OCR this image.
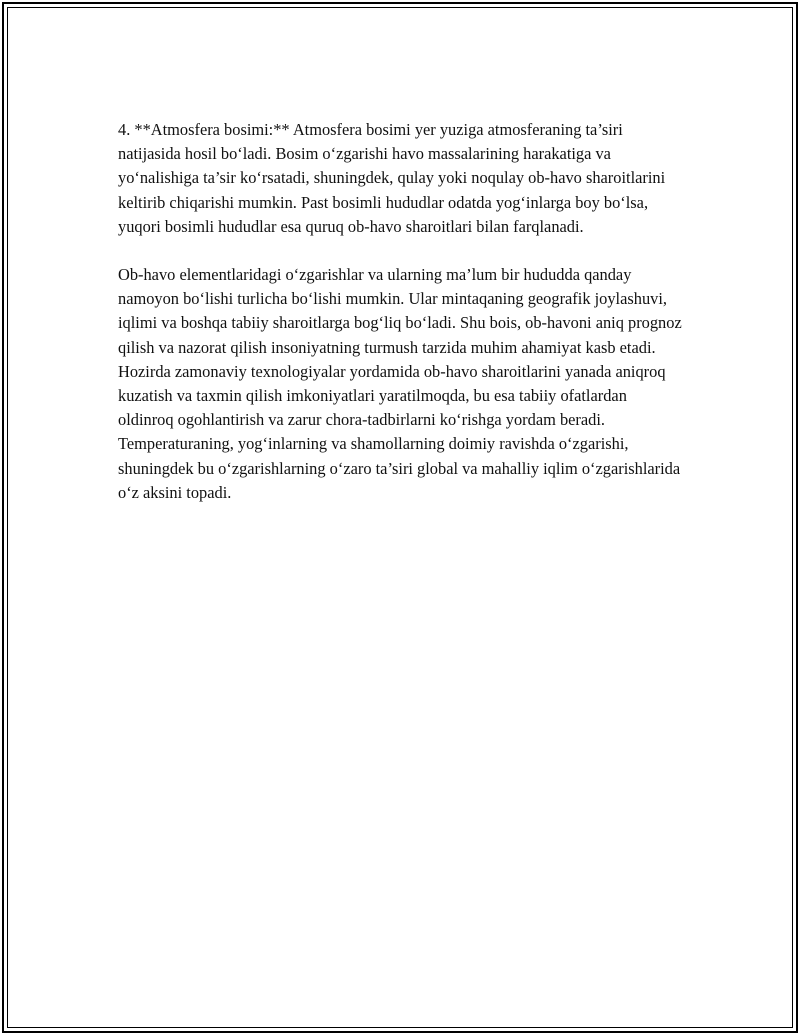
4. **Atmosfera bosimi:** Atmosfera bosimi yer yuziga atmosferaning ta’siri natijasida hosil bo‘ladi. Bosim o‘zgarishi havo massalarining harakatiga va yo‘nalishiga ta’sir ko‘rsatadi, shuningdek, qulay yoki noqulay ob-havo sharoitlarini keltirib chiqarishi mumkin. Past bosimli hududlar odatda yog‘inlarga boy bo‘lsa, yuqori bosimli hududlar esa quruq ob-havo sharoitlari bilan farqlanadi.

Ob-havo elementlaridagi o‘zgarishlar va ularning ma’lum bir hududda qanday namoyon bo‘lishi turlicha bo‘lishi mumkin. Ular mintaqaning geografik joylashuvi, iqlimi va boshqa tabiiy sharoitlarga bog‘liq bo‘ladi. Shu bois, ob-havoni aniq prognoz qilish va nazorat qilish insoniyatning turmush tarzida muhim ahamiyat kasb etadi. Hozirda zamonaviy texnologiyalar yordamida ob-havo sharoitlarini yanada aniqroq kuzatish va taxmin qilish imkoniyatlari yaratilmoqda, bu esa tabiiy ofatlardan oldinroq ogohlantirish va zarur chora-tadbirlarni ko‘rishga yordam beradi. Temperaturaning, yog‘inlarning va shamollarning doimiy ravishda o‘zgarishi, shuningdek bu o‘zgarishlarning o‘zaro ta’siri global va mahalliy iqlim o‘zgarishlarida o‘z aksini topadi.
